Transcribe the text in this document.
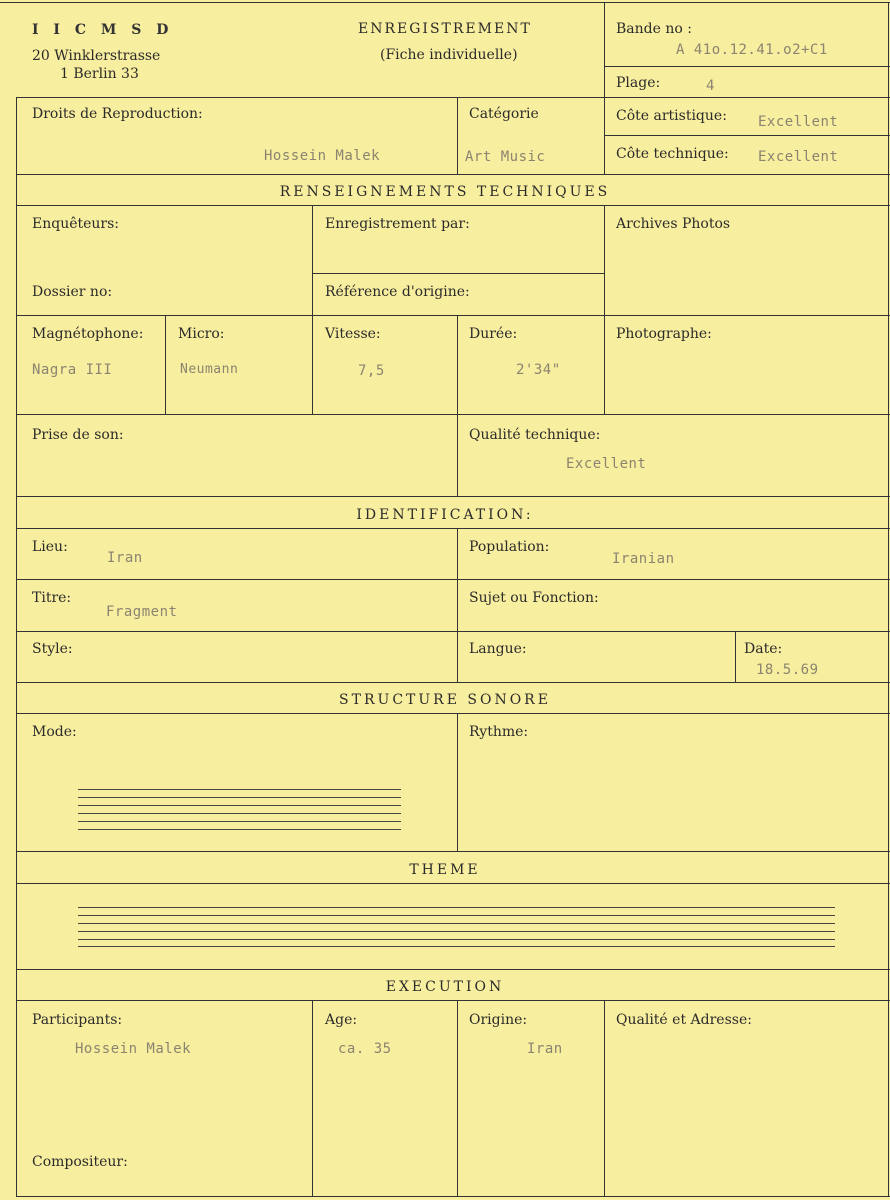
I I C M S D
20 Winklerstrasse
1 Berlin 33
ENREGISTREMENT
(Fiche individuelle)
Bande no :
A 41o.12.41.o2+C1
Plage:	4
Droits de Reproduction:
Hossein Malek
Catégorie
Art Music
Côte artistique: Excellent
Côte technique: Excellent
RENSEIGNEMENTS TECHNIQUES
Enquêteurs:	Enregistrement par:	Archives Photos
Dossier no:	Référence d'origine:
Magnétophone:
Nagra III
Micro:
Neumann
Vitesse:
7,5
Durée:
2'34"
Photographe:
Prise de son:	Qualité technique:
Excellent
IDENTIFICATION:
Lieu:
Iran
Population:
Iranian
Titre:
Fragment
Sujet ou Fonction:
Style:	Langue:	Date:
18.5.69
STRUCTURE SONORE
Mode:	Rythme:
THEME
EXECUTION
Participants:
Hossein Malek
Age:
ca. 35
Origine:
Iran
Qualité et Adresse:
Compositeur:
